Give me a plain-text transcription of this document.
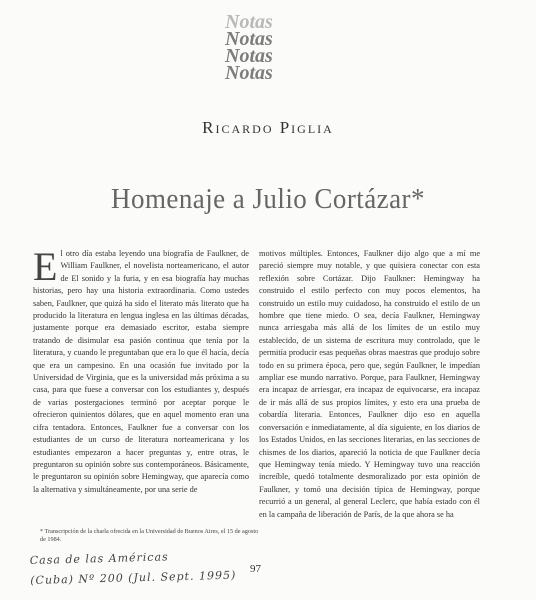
Notas
Notas
Notas
Notas
Ricardo Piglia
Homenaje a Julio Cortázar*

El otro día estaba leyendo una biografía de Faulkner, de William Faulkner, el novelista norteamericano, el autor de El sonido y la furia, y en esa biografía hay muchas historias, pero hay una historia extraordinaria. Como ustedes saben, Faulkner, que quizá ha sido el literato más literato que ha producido la literatura en lengua inglesa en las últimas décadas, justamente porque era demasiado escritor, estaba siempre tratando de disimular esa pasión continua que tenía por la literatura, y cuando le preguntaban que era lo que él hacía, decía que era un campesino. En una ocasión fue invitado por la Universidad de Virginia, que es la universidad más próxima a su casa, para que fuese a conversar con los estudiantes y, después de varias postergaciones terminó por aceptar porque le ofrecieron quinientos dólares, que en aquel momento eran una cifra tentadora. Entonces, Faulkner fue a conversar con los estudiantes de un curso de literatura norteamericana y los estudiantes empezaron a hacer preguntas y, entre otras, le preguntaron su opinión sobre sus contemporáneos. Básicamente, le preguntaron su opinión sobre Hemingway, que aparecía como la alternativa y simultáneamente, por una serie de

motivos múltiples. Entonces, Faulkner dijo algo que a mí me pareció siempre muy notable, y que quisiera conectar con esta reflexión sobre Cortázar. Dijo Faulkner: Hemingway ha construido el estilo perfecto con muy pocos elementos, ha construido un estilo muy cuidadoso, ha construido el estilo de un hombre que tiene miedo. O sea, decía Faulkner, Hemingway nunca arriesgaba más allá de los límites de un estilo muy establecido, de un sistema de escritura muy controlado, que le permitía producir esas pequeñas obras maestras que produjo sobre todo en su primera época, pero que, según Faulkner, le impedían ampliar ese mundo narrativo. Porque, para Faulkner, Hemingway era incapaz de arriesgar, era incapaz de equivocarse, era incapaz de ir más allá de sus propios límites, y esto era una prueba de cobardía literaria. Entonces, Faulkner dijo eso en aquella conversación e inmediatamente, al día siguiente, en los diarios de los Estados Unidos, en las secciones literarias, en las secciones de chismes de los diarios, apareció la noticia de que Faulkner decía que Hemingway tenía miedo. Y Hemingway tuvo una reacción increíble, quedó totalmente desmoralizado por esta opinión de Faulkner, y tomó una decisión típica de Hemingway, porque recurrió a un general, al general Leclerc, que había estado con él en la campaña de liberación de París, de la que ahora se ha

* Transcripción de la charla ofrecida en la Universidad de Buenos Aires, el 15 de agosto de 1984.
Casa de las Américas
(Cuba) Nº 200 (Jul. Sept. 1995)	97
